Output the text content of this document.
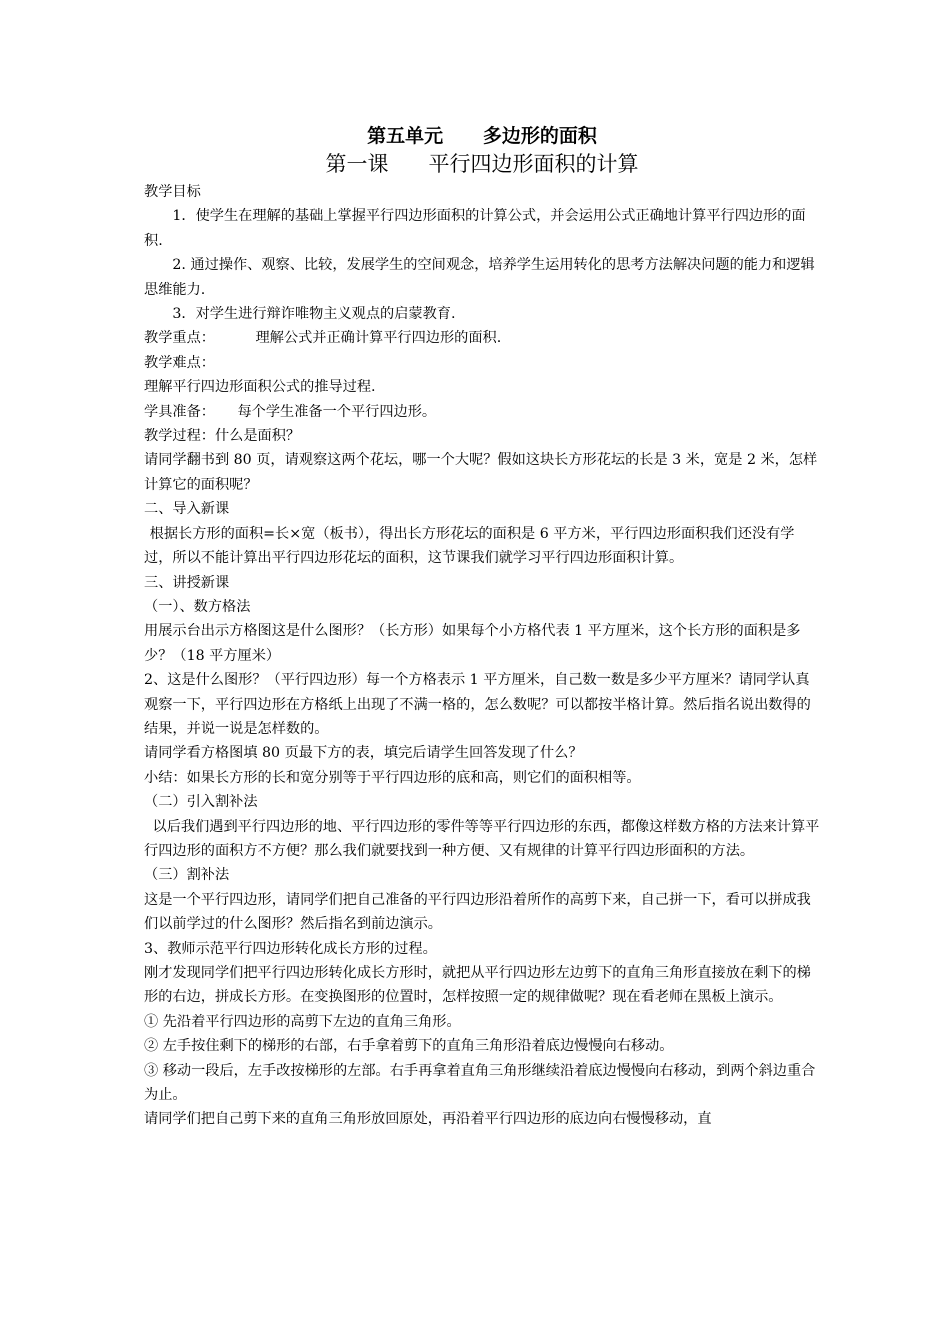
第五单元      多边形的面积
第一课      平行四边形面积的计算
教学目标
1．使学生在理解的基础上掌握平行四边形面积的计算公式，并会运用公式正确地计算平行四边形的面积.
2. 通过操作、观察、比较，发展学生的空间观念，培养学生运用转化的思考方法解决问题的能力和逻辑思维能力.
3．对学生进行辩诈唯物主义观点的启蒙教育.
教学重点：         理解公式并正确计算平行四边形的面积.
教学难点：
理解平行四边形面积公式的推导过程.
学具准备：     每个学生准备一个平行四边形。
教学过程：什么是面积？
请同学翻书到 80 页，请观察这两个花坛，哪一个大呢？假如这块长方形花坛的长是 3 米，宽是 2 米，怎样计算它的面积呢？
二、导入新课
根据长方形的面积=长×宽（板书），得出长方形花坛的面积是 6 平方米，平行四边形面积我们还没有学过，所以不能计算出平行四边形花坛的面积，这节课我们就学习平行四边形面积计算。
三、讲授新课
（一）、数方格法
用展示台出示方格图这是什么图形？（长方形）如果每个小方格代表 1 平方厘米，这个长方形的面积是多少？（18 平方厘米）
2、这是什么图形？（平行四边形）每一个方格表示 1 平方厘米，自己数一数是多少平方厘米？请同学认真观察一下，平行四边形在方格纸上出现了不满一格的，怎么数呢？可以都按半格计算。然后指名说出数得的结果，并说一说是怎样数的。
请同学看方格图填 80 页最下方的表，填完后请学生回答发现了什么？
小结：如果长方形的长和宽分别等于平行四边形的底和高，则它们的面积相等。
（二）引入割补法
以后我们遇到平行四边形的地、平行四边形的零件等等平行四边形的东西，都像这样数方格的方法来计算平行四边形的面积方不方便？那么我们就要找到一种方便、又有规律的计算平行四边形面积的方法。
（三）割补法
这是一个平行四边形，请同学们把自己准备的平行四边形沿着所作的高剪下来，自己拼一下，看可以拼成我们以前学过的什么图形？然后指名到前边演示。
3、教师示范平行四边形转化成长方形的过程。
刚才发现同学们把平行四边形转化成长方形时，就把从平行四边形左边剪下的直角三角形直接放在剩下的梯形的右边，拼成长方形。在变换图形的位置时，怎样按照一定的规律做呢？现在看老师在黑板上演示。
① 先沿着平行四边形的高剪下左边的直角三角形。
② 左手按住剩下的梯形的右部，右手拿着剪下的直角三角形沿着底边慢慢向右移动。
③ 移动一段后，左手改按梯形的左部。右手再拿着直角三角形继续沿着底边慢慢向右移动，到两个斜边重合为止。
请同学们把自己剪下来的直角三角形放回原处，再沿着平行四边形的底边向右慢慢移动，直
